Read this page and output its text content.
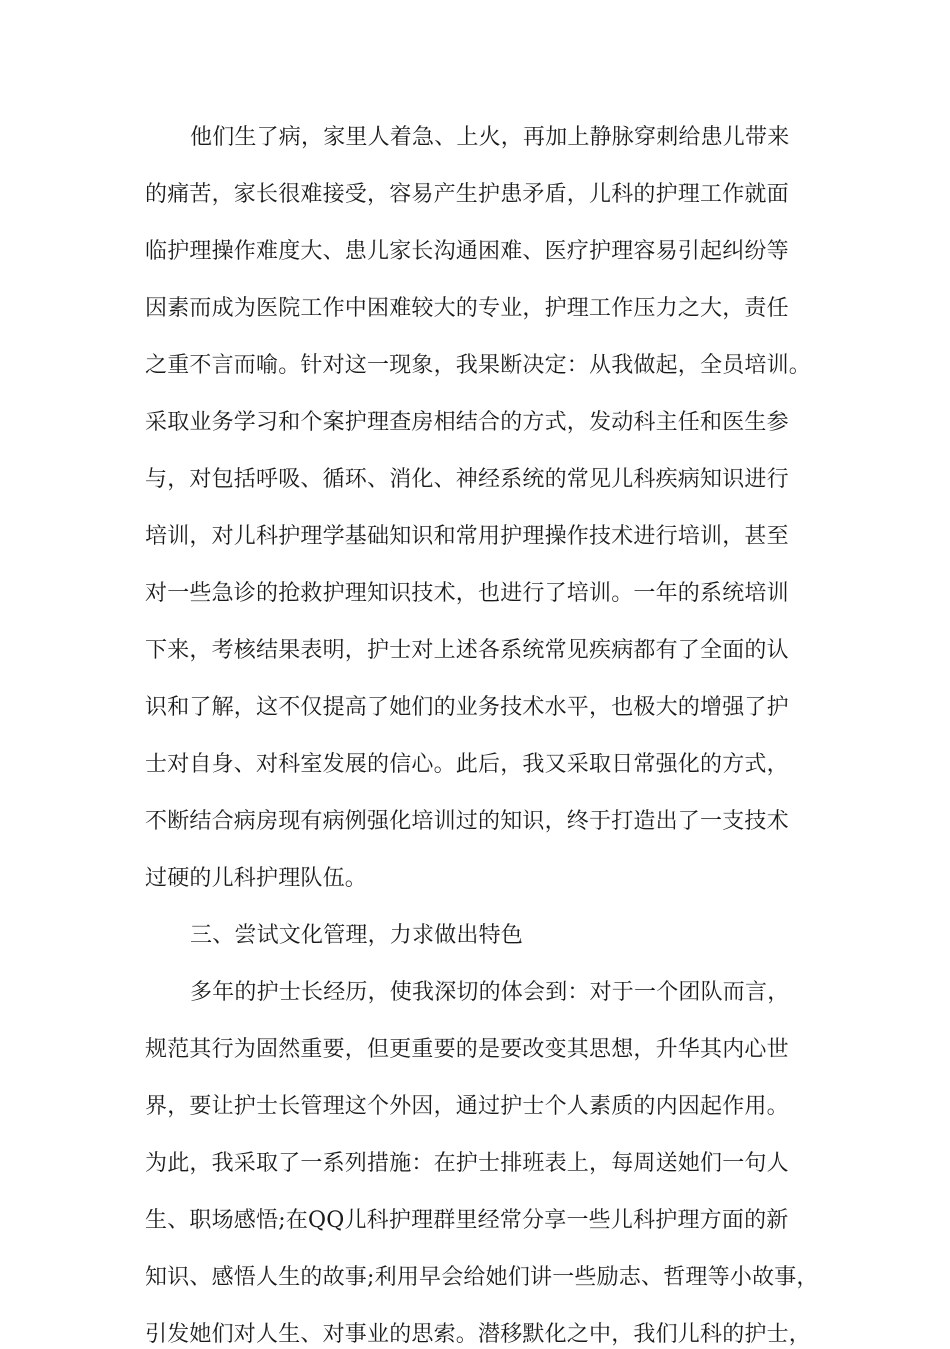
他们生了病，家里人着急、上火，再加上静脉穿刺给患儿带来
的痛苦，家长很难接受，容易产生护患矛盾，儿科的护理工作就面
临护理操作难度大、患儿家长沟通困难、医疗护理容易引起纠纷等
因素而成为医院工作中困难较大的专业，护理工作压力之大，责任
之重不言而喻。针对这一现象，我果断决定：从我做起，全员培训。
采取业务学习和个案护理查房相结合的方式，发动科主任和医生参
与，对包括呼吸、循环、消化、神经系统的常见儿科疾病知识进行
培训，对儿科护理学基础知识和常用护理操作技术进行培训，甚至
对一些急诊的抢救护理知识技术，也进行了培训。一年的系统培训
下来，考核结果表明，护士对上述各系统常见疾病都有了全面的认
识和了解，这不仅提高了她们的业务技术水平，也极大的增强了护
士对自身、对科室发展的信心。此后，我又采取日常强化的方式，
不断结合病房现有病例强化培训过的知识，终于打造出了一支技术
过硬的儿科护理队伍。
三、尝试文化管理，力求做出特色
多年的护士长经历，使我深切的体会到：对于一个团队而言，
规范其行为固然重要，但更重要的是要改变其思想，升华其内心世
界，要让护士长管理这个外因，通过护士个人素质的内因起作用。
为此，我采取了一系列措施：在护士排班表上，每周送她们一句人
生、职场感悟;在QQ儿科护理群里经常分享一些儿科护理方面的新
知识、感悟人生的故事;利用早会给她们讲一些励志、哲理等小故事，
引发她们对人生、对事业的思索。潜移默化之中，我们儿科的护士，
